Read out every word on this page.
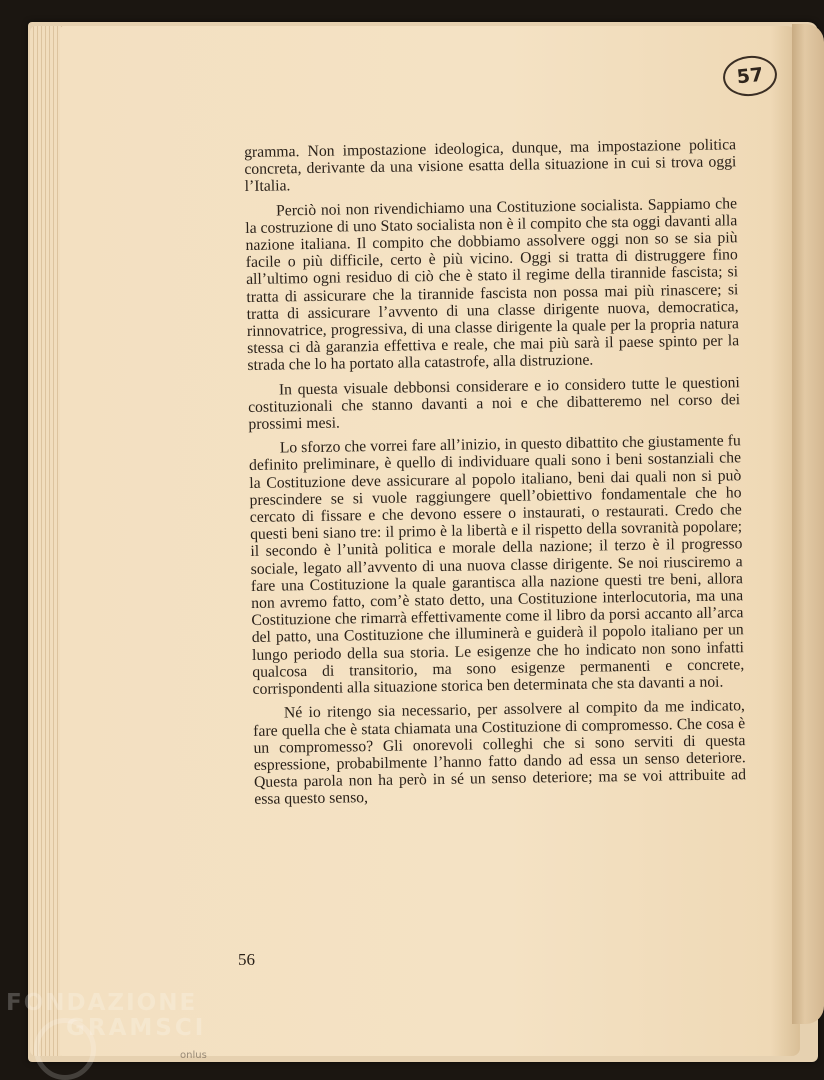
57

gramma. Non impostazione ideologica, dunque, ma impostazione politica concreta, derivante da una visione esatta della situazione in cui si trova oggi l’Italia.

Perciò noi non rivendichiamo una Costituzione socialista. Sappiamo che la costruzione di uno Stato socialista non è il compito che sta oggi davanti alla nazione italiana. Il compito che dobbiamo assolvere oggi non so se sia più facile o più difficile, certo è più vicino. Oggi si tratta di distruggere fino all’ultimo ogni residuo di ciò che è stato il regime della tirannide fascista; si tratta di assicurare che la tirannide fascista non possa mai più rinascere; si tratta di assicurare l’avvento di una classe dirigente nuova, democratica, rinnovatrice, progressiva, di una classe dirigente la quale per la propria natura stessa ci dà garanzia effettiva e reale, che mai più sarà il paese spinto per la strada che lo ha portato alla catastrofe, alla distruzione.

In questa visuale debbonsi considerare e io considero tutte le questioni costituzionali che stanno davanti a noi e che dibatteremo nel corso dei prossimi mesi.

Lo sforzo che vorrei fare all’inizio, in questo dibattito che giustamente fu definito preliminare, è quello di individuare quali sono i beni sostanziali che la Costituzione deve assicurare al popolo italiano, beni dai quali non si può prescindere se si vuole raggiungere quell’obiettivo fondamentale che ho cercato di fissare e che devono essere o instaurati, o restaurati. Credo che questi beni siano tre: il primo è la libertà e il rispetto della sovranità popolare; il secondo è l’unità politica e morale della nazione; il terzo è il progresso sociale, legato all’avvento di una nuova classe dirigente. Se noi riusciremo a fare una Costituzione la quale garantisca alla nazione questi tre beni, allora non avremo fatto, com’è stato detto, una Costituzione interlocutoria, ma una Costituzione che rimarrà effettivamente come il libro da porsi accanto all’arca del patto, una Costituzione che illuminerà e guiderà il popolo italiano per un lungo periodo della sua storia. Le esigenze che ho indicato non sono infatti qualcosa di transitorio, ma sono esigenze permanenti e concrete, corrispondenti alla situazione storica ben determinata che sta davanti a noi.

Né io ritengo sia necessario, per assolvere al compito da me indicato, fare quella che è stata chiamata una Costituzione di compromesso. Che cosa è un compromesso? Gli onorevoli colleghi che si sono serviti di questa espressione, probabilmente l’hanno fatto dando ad essa un senso deteriore. Questa parola non ha però in sé un senso deteriore; ma se voi attribuite ad essa questo senso,

56
FONDAZIONE
GRAMSCI
onlus
